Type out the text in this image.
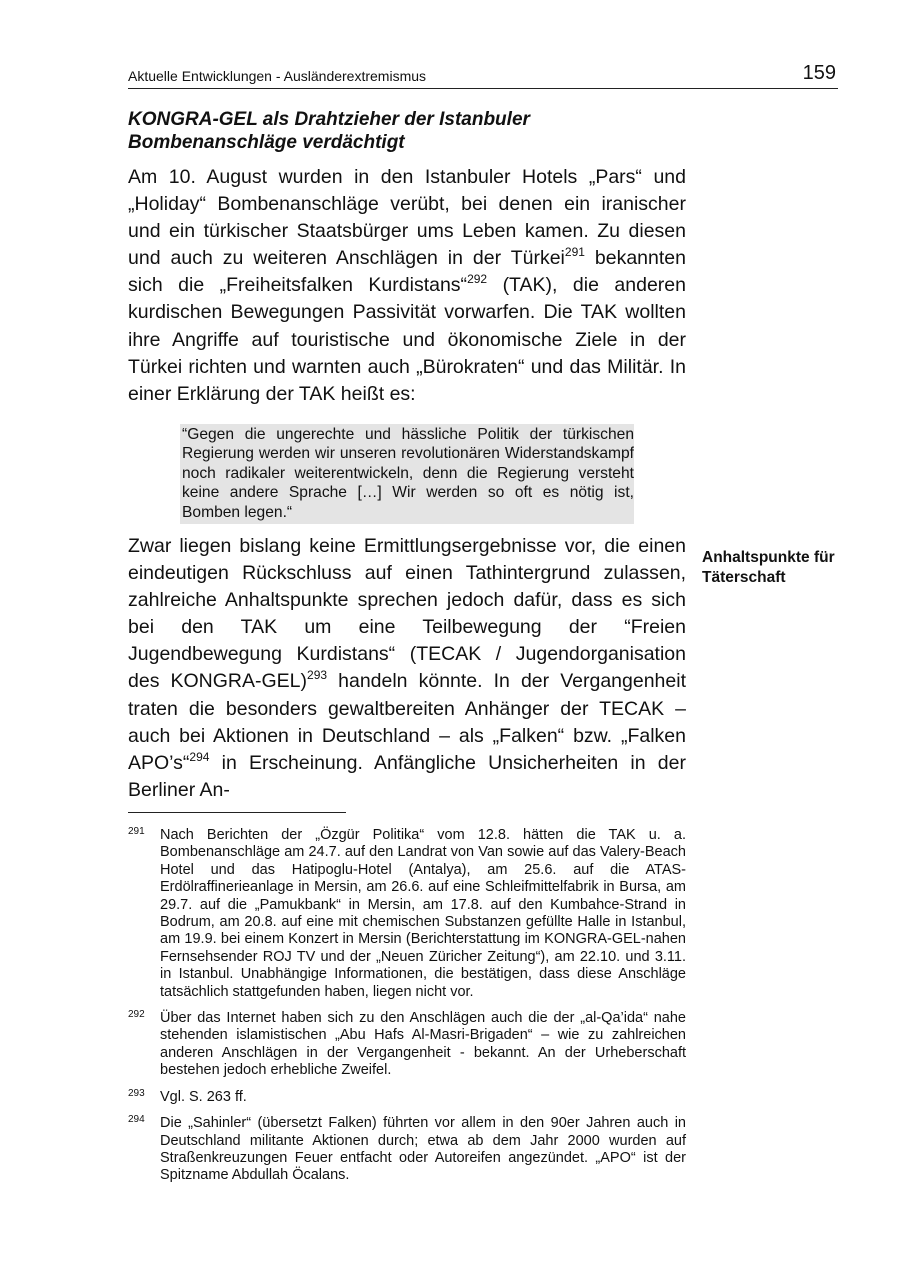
Aktuelle Entwicklungen - Ausländerextremismus	159
KONGRA-GEL als Drahtzieher der Istanbuler
Bombenanschläge verdächtigt
Am 10. August wurden in den Istanbuler Hotels „Pars“ und „Holiday“ Bombenanschläge verübt, bei denen ein iranischer und ein türkischer Staatsbürger ums Leben kamen. Zu diesen und auch zu weiteren Anschlägen in der Türkei$^{291}$ bekannten sich die „Freiheitsfalken Kurdistans“$^{292}$ (TAK), die anderen kurdischen Bewegungen Passivität vorwarfen. Die TAK wollten ihre Angriffe auf touristische und ökonomische Ziele in der Türkei richten und warnten auch „Bürokraten“ und das Militär. In einer Erklärung der TAK heißt es:
“Gegen die ungerechte und hässliche Politik der türkischen Regierung werden wir unseren revolutionären Widerstandskampf noch radikaler weiterentwickeln, denn die Regierung versteht keine andere Sprache […] Wir werden so oft es nötig ist, Bomben legen.“
Zwar liegen bislang keine Ermittlungsergebnisse vor, die einen eindeutigen Rückschluss auf einen Tathintergrund zulassen, zahlreiche Anhaltspunkte sprechen jedoch dafür, dass es sich bei den TAK um eine Teilbewegung der “Freien Jugendbewegung Kurdistans“ (TECAK / Jugendorganisation des KONGRA-GEL)$^{293}$ handeln könnte. In der Vergangenheit traten die besonders gewaltbereiten Anhänger der TECAK – auch bei Aktionen in Deutschland – als „Falken“ bzw. „Falken APO’s“$^{294}$ in Erscheinung. Anfängliche Unsicherheiten in der Berliner An-
Anhaltspunkte für
Täterschaft
291 Nach Berichten der „Özgür Politika“ vom 12.8. hätten die TAK u. a. Bombenanschläge am 24.7. auf den Landrat von Van sowie auf das Valery-Beach Hotel und das Hatipoglu-Hotel (Antalya), am 25.6. auf die ATAS-Erdölraffinerieanlage in Mersin, am 26.6. auf eine Schleifmittelfabrik in Bursa, am 29.7. auf die „Pamukbank“ in Mersin, am 17.8. auf den Kumbahce-Strand in Bodrum, am 20.8. auf eine mit chemischen Substanzen gefüllte Halle in Istanbul, am 19.9. bei einem Konzert in Mersin (Berichterstattung im KONGRA-GEL-nahen Fernsehsender ROJ TV und der „Neuen Züricher Zeitung“), am 22.10. und 3.11. in Istanbul. Unabhängige Informationen, die bestätigen, dass diese Anschläge tatsächlich stattgefunden haben, liegen nicht vor.
292 Über das Internet haben sich zu den Anschlägen auch die der „al-Qa’ida“ nahe stehenden islamistischen „Abu Hafs Al-Masri-Brigaden“ – wie zu zahlreichen anderen Anschlägen in der Vergangenheit - bekannt. An der Urheberschaft bestehen jedoch erhebliche Zweifel.
293 Vgl. S. 263 ff.
294 Die „Sahinler“ (übersetzt Falken) führten vor allem in den 90er Jahren auch in Deutschland militante Aktionen durch; etwa ab dem Jahr 2000 wurden auf Straßenkreuzungen Feuer entfacht oder Autoreifen angezündet. „APO“ ist der Spitzname Abdullah Öcalans.
